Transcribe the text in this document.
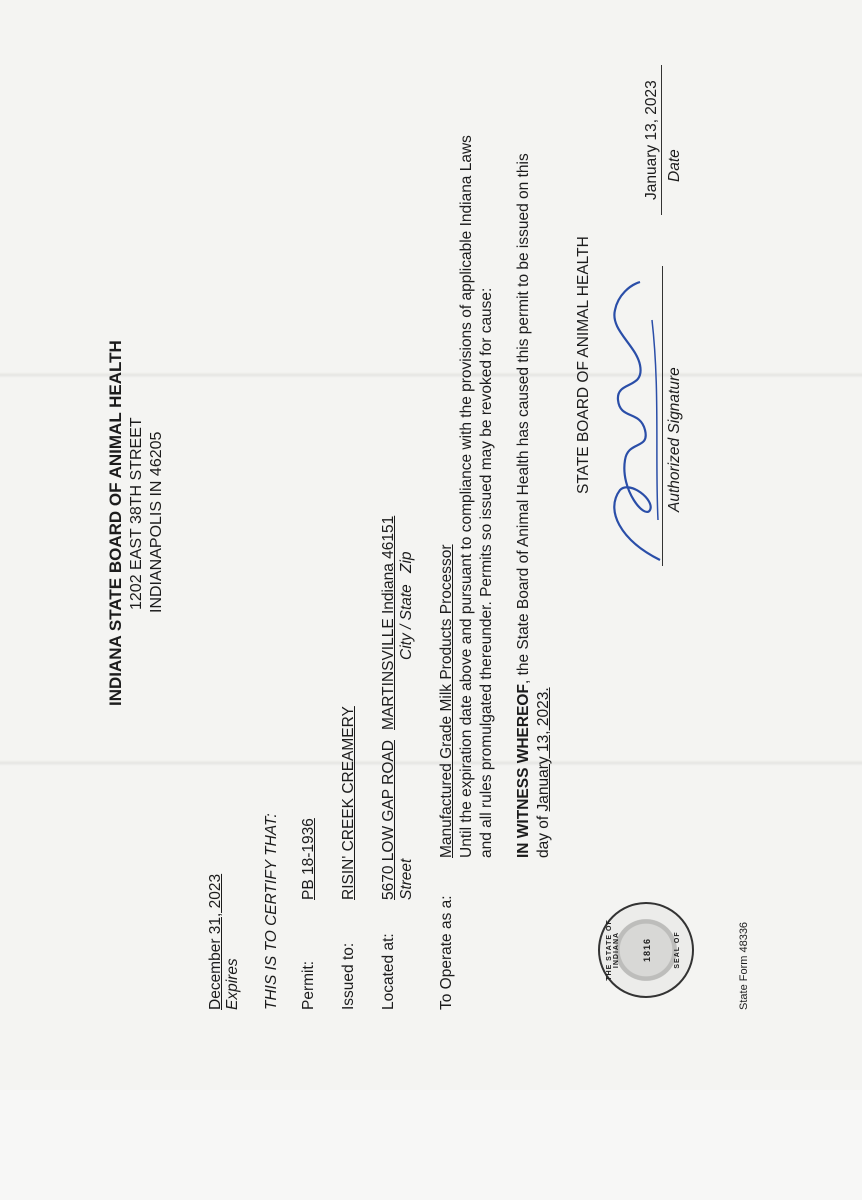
INDIANA STATE BOARD OF ANIMAL HEALTH 1202 EAST 38TH STREET INDIANAPOLIS IN 46205
December 31, 2023 Expires THIS IS TO CERTIFY THAT: Permit:
PB 18-1936
Issued to:
RISIN' CREEK CREAMERY
Located at:
5670 LOW GAP ROAD
MARTINSVILLE Indiana 46151
Street
City / State
Zip
To Operate as a:
Manufactured Grade Milk Products Processor Until the expiration date above and pursuant to compliance with the provisions of applicable Indiana Laws and all rules promulgated thereunder. Permits so issued may be revoked for cause: IN WITNESS WHEREOF, the State Board of Animal Health has caused this permit to be issued on this
day of January 13, 2023.
STATE BOARD OF ANIMAL HEALTH	Authorized Signature
January 13, 2023 Date
THE STATE OF INDIANA	SEAL OF
1816	State Form 48336
